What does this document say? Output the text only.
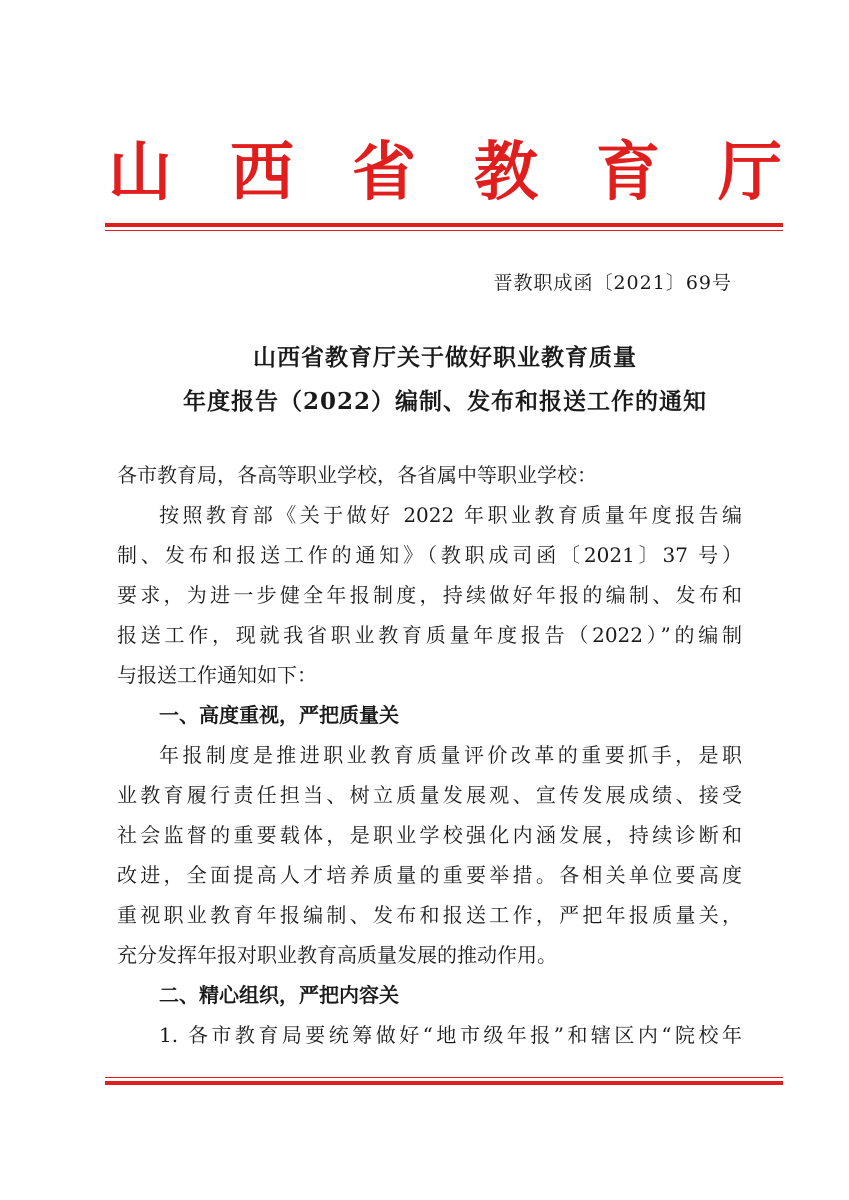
山 西 省 教 育 厅
晋教职成函〔2021〕69号
山西省教育厅关于做好职业教育质量
年度报告（2022）编制、发布和报送工作的通知
各市教育局，各高等职业学校，各省属中等职业学校：
按照教育部《关于做好 2022 年职业教育质量年度报告编
制、发布和报送工作的通知》（教职成司函〔2021〕37 号）
要求，为进一步健全年报制度，持续做好年报的编制、发布和
报送工作，现就我省职业教育质量年度报告（2022）”的编制
与报送工作通知如下：
一、高度重视，严把质量关
年报制度是推进职业教育质量评价改革的重要抓手，是职
业教育履行责任担当、树立质量发展观、宣传发展成绩、接受
社会监督的重要载体，是职业学校强化内涵发展，持续诊断和
改进，全面提高人才培养质量的重要举措。各相关单位要高度
重视职业教育年报编制、发布和报送工作，严把年报质量关，
充分发挥年报对职业教育高质量发展的推动作用。
二、精心组织，严把内容关
1. 各市教育局要统筹做好“地市级年报”和辖区内“院校年
